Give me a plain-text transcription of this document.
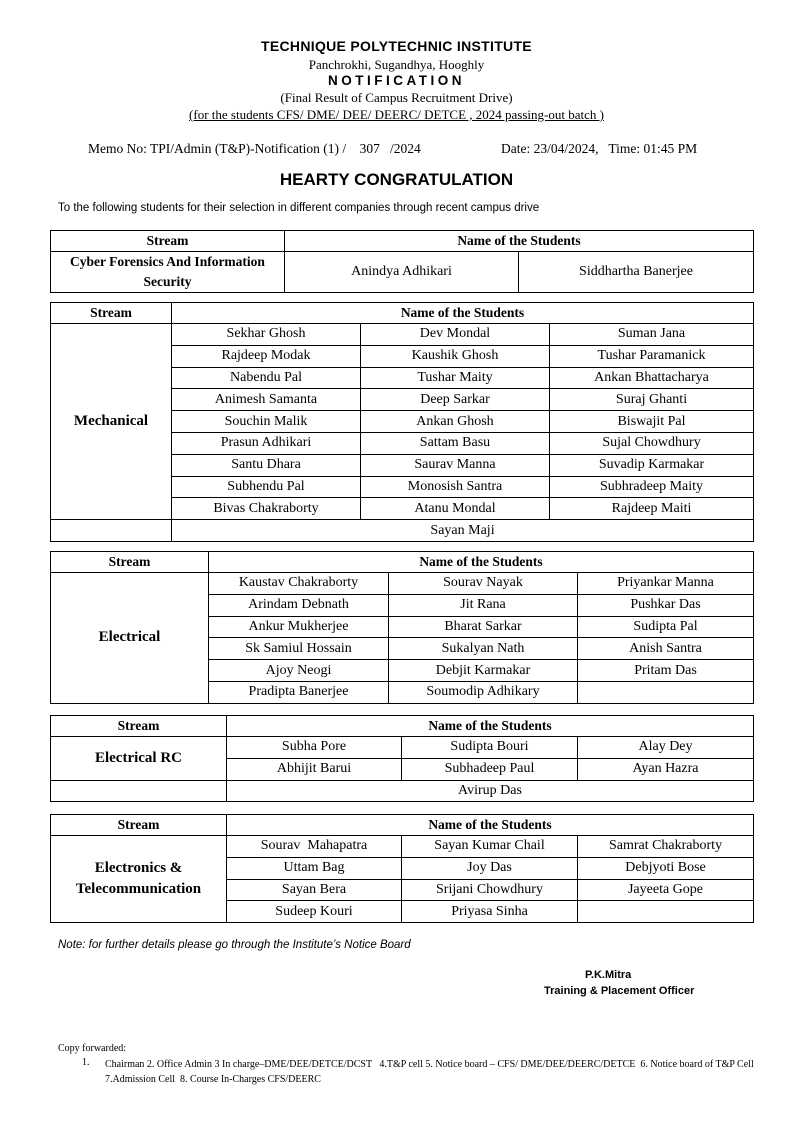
TECHNIQUE POLYTECHNIC INSTITUTE
Panchrokhi, Sugandhya, Hooghly
NOTIFICATION
(Final Result of Campus Recruitment Drive)
(for the students CFS/ DME/ DEE/ DEERC/ DETCE , 2024 passing-out batch )
Memo No: TPI/Admin (T&P)-Notification (1) /    307   /2024	Date: 23/04/2024,   Time: 01:45 PM
HEARTY CONGRATULATION
To the following students for their selection in different companies through recent campus drive
Stream	Name of the Students	
Cyber Forensics And Information Security	Anindya Adhikari	Siddhartha Banerjee
Stream	Name of the Students		
Mechanical	Sekhar Ghosh	Dev Mondal	Suman Jana
	Rajdeep Modak	Kaushik Ghosh	Tushar Paramanick
	Nabendu Pal	Tushar Maity	Ankan Bhattacharya
	Animesh Samanta	Deep Sarkar	Suraj Ghanti
	Souchin Malik	Ankan Ghosh	Biswajit Pal
	Prasun Adhikari	Sattam Basu	Sujal Chowdhury
	Santu Dhara	Saurav Manna	Suvadip Karmakar
	Subhendu Pal	Monosish Santra	Subhradeep Maity
	Bivas Chakraborty	Atanu Mondal	Rajdeep Maiti
	Sayan Maji		
Stream	Name of the Students		
Electrical	Kaustav Chakraborty	Sourav Nayak	Priyankar Manna
	Arindam Debnath	Jit Rana	Pushkar Das
	Ankur Mukherjee	Bharat Sarkar	Sudipta Pal
	Sk Samiul Hossain	Sukalyan Nath	Anish Santra
	Ajoy Neogi	Debjit Karmakar	Pritam Das
	Pradipta Banerjee	Soumodip Adhikary	
Stream	Name of the Students		
Electrical RC	Subha Pore	Sudipta Bouri	Alay Dey
	Abhijit Barui	Subhadeep Paul	Ayan Hazra
	Avirup Das		
Stream	Name of the Students		
Electronics &
Telecommunication	Sourav  Mahapatra	Sayan Kumar Chail	Samrat Chakraborty
	Uttam Bag	Joy Das	Debjyoti Bose
	Sayan Bera	Srijani Chowdhury	Jayeeta Gope
	Sudeep Kouri	Priyasa Sinha	
Note: for further details please go through the Institute’s Notice Board
P.K.Mitra
Training & Placement Officer
Copy forwarded:
1. Chairman 2. Office Admin 3 In charge–DME/DEE/DETCE/DCST   4.T&P cell 5. Notice board – CFS/ DME/DEE/DEERC/DETCE  6. Notice board of T&P Cell 7.Admission Cell  8. Course In-Charges CFS/DEERC
